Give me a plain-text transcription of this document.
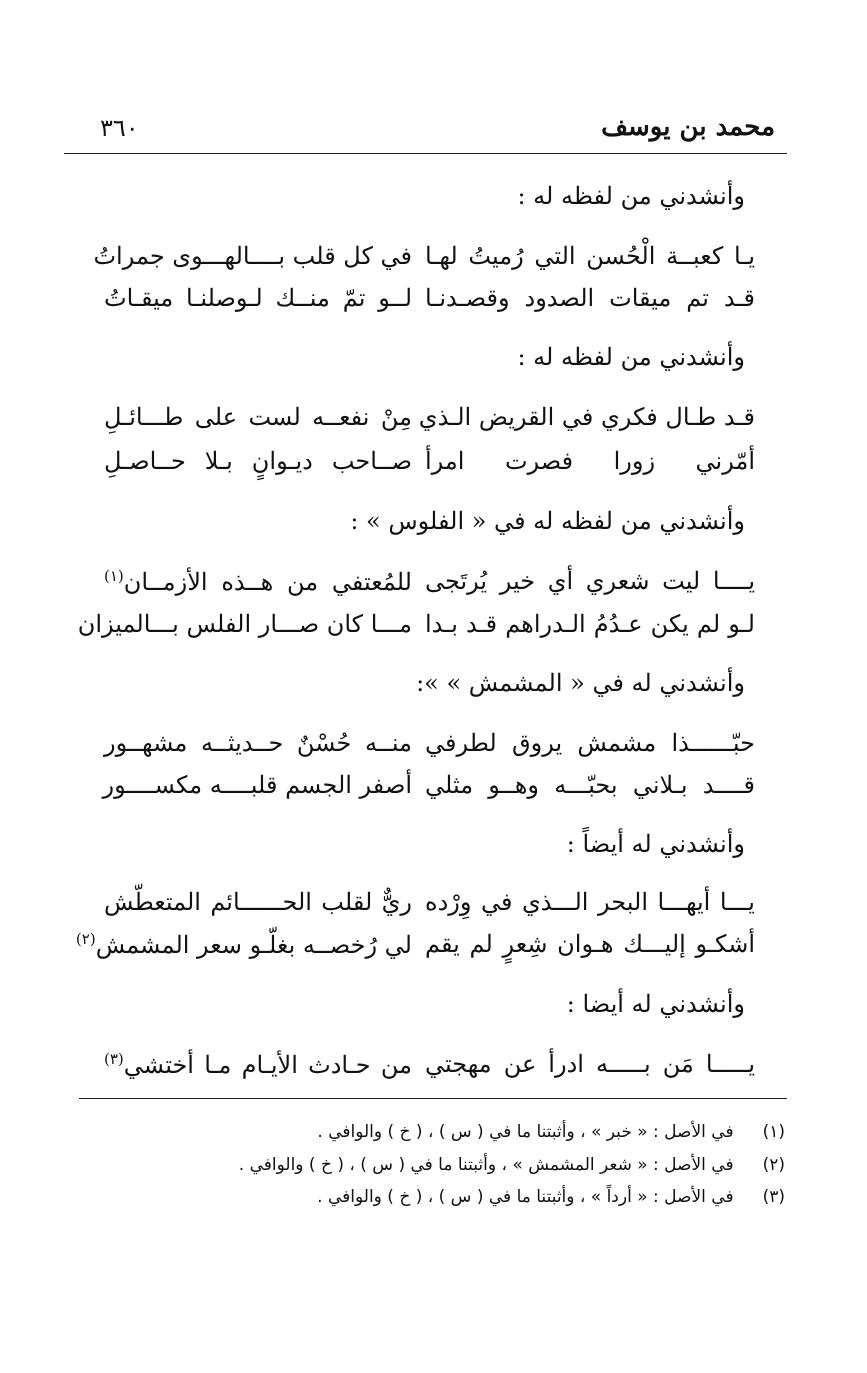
محمد بن يوسف
٣٦٠
وأنشدني من لفظه له :
يـا كعبــة الْحُسن التي رُميتُ لهـا
في كل قلب بــــالهـــوى جمراتُ
قـد تم ميقات الصدود وقصـدنـا
لــو تمّ منــك لـوصلنـا ميقـاتُ
وأنشدني من لفظه له :
قـد طـال فكري في القريض الـذي
مِنْ نفعــه لست على طـــائـلِ
أمّرني زورا فصرت امرأ
صــاحب ديـوانٍ بـلا حــاصـلِ
وأنشدني من لفظه له في « الفلوس » :
يــــا ليت شعري أي خير يُرتَجى
للمُعتفي من هــذه الأزمــان$^{(١)}$
لـو لم يكن عـدُمُ الـدراهم قـد بـدا
مـــا كان صـــار الفلس بـــالميزان
وأنشدني له في « المشمش » »:
حبّــــــذا مشمش يروق لطرفي
منــه حُسْنٌ حــديثــه مشهــور
قــــد بـلاني بحبّـــه وهــو مثلي
أصفر الجسم قلبــــه مكســــور
وأنشدني له أيضاً :
يـــا أيهـــا البحر الـــذي في وِرْده
ريٌّ لقلب الحــــــائم المتعطّش
أشكـو إليـــك هـوان شِعرٍ لم يقم
لي رُخصــه بغلّـو سعر المشمش$^{(٢)}$
وأنشدني له أيضا :
يـــــا مَن بـــــه ادرأ عن مهجتي
من حـادث الأيـام مـا أختشي$^{(٣)}$
(١) في الأصل : « خبر » ، وأثبتنا ما في ( س ) ، ( خ ) والوافي .
(٢) في الأصل : « شعر المشمش » ، وأثبتنا ما في ( س ) ، ( خ ) والوافي .
(٣) في الأصل : « أرداً » ، وأثبتنا ما في ( س ) ، ( خ ) والوافي .
